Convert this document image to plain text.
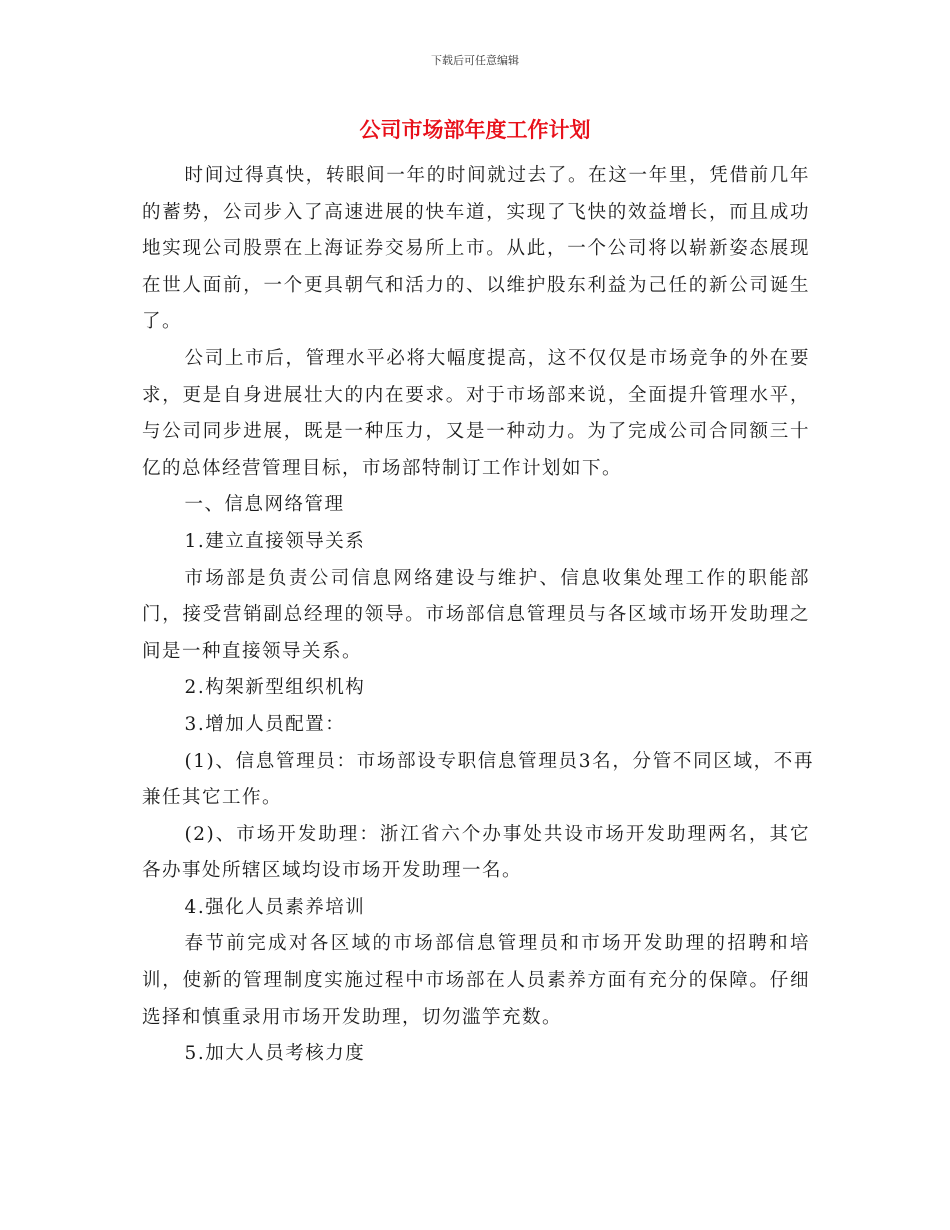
下载后可任意编辑
公司市场部年度工作计划

时间过得真快，转眼间一年的时间就过去了。在这一年里，凭借前几年的蓄势，公司步入了高速进展的快车道，实现了飞快的效益增长，而且成功地实现公司股票在上海证券交易所上市。从此，一个公司将以崭新姿态展现在世人面前，一个更具朝气和活力的、以维护股东利益为己任的新公司诞生了。

公司上市后，管理水平必将大幅度提高，这不仅仅是市场竞争的外在要求，更是自身进展壮大的内在要求。对于市场部来说，全面提升管理水平，与公司同步进展，既是一种压力，又是一种动力。为了完成公司合同额三十亿的总体经营管理目标，市场部特制订工作计划如下。

一、信息网络管理

1.建立直接领导关系

市场部是负责公司信息网络建设与维护、信息收集处理工作的职能部门，接受营销副总经理的领导。市场部信息管理员与各区域市场开发助理之间是一种直接领导关系。

2.构架新型组织机构

3.增加人员配置：

(1)、信息管理员：市场部设专职信息管理员3名，分管不同区域，不再兼任其它工作。

(2)、市场开发助理：浙江省六个办事处共设市场开发助理两名，其它各办事处所辖区域均设市场开发助理一名。

4.强化人员素养培训

春节前完成对各区域的市场部信息管理员和市场开发助理的招聘和培训，使新的管理制度实施过程中市场部在人员素养方面有充分的保障。仔细选择和慎重录用市场开发助理，切勿滥竽充数。

5.加大人员考核力度
